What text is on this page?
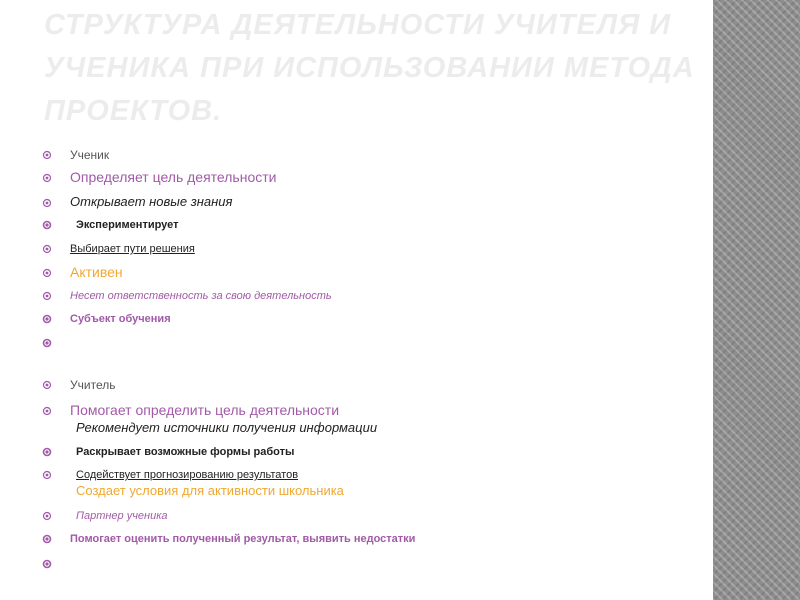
СТРУКТУРА ДЕЯТЕЛЬНОСТИ УЧИТЕЛЯ И УЧЕНИКА ПРИ ИСПОЛЬЗОВАНИИ МЕТОДА ПРОЕКТОВ.
Ученик
Определяет цель деятельности
Открывает новые знания
Экспериментирует
Выбирает пути решения
Активен
Несет ответственность за свою деятельность
Субъект обучения
Учитель
Помогает определить цель деятельности
Рекомендует источники получения информации
Раскрывает возможные формы работы
Содействует прогнозированию результатов
Создает условия для активности школьника
Партнер ученика
Помогает оценить полученный результат, выявить недостатки
